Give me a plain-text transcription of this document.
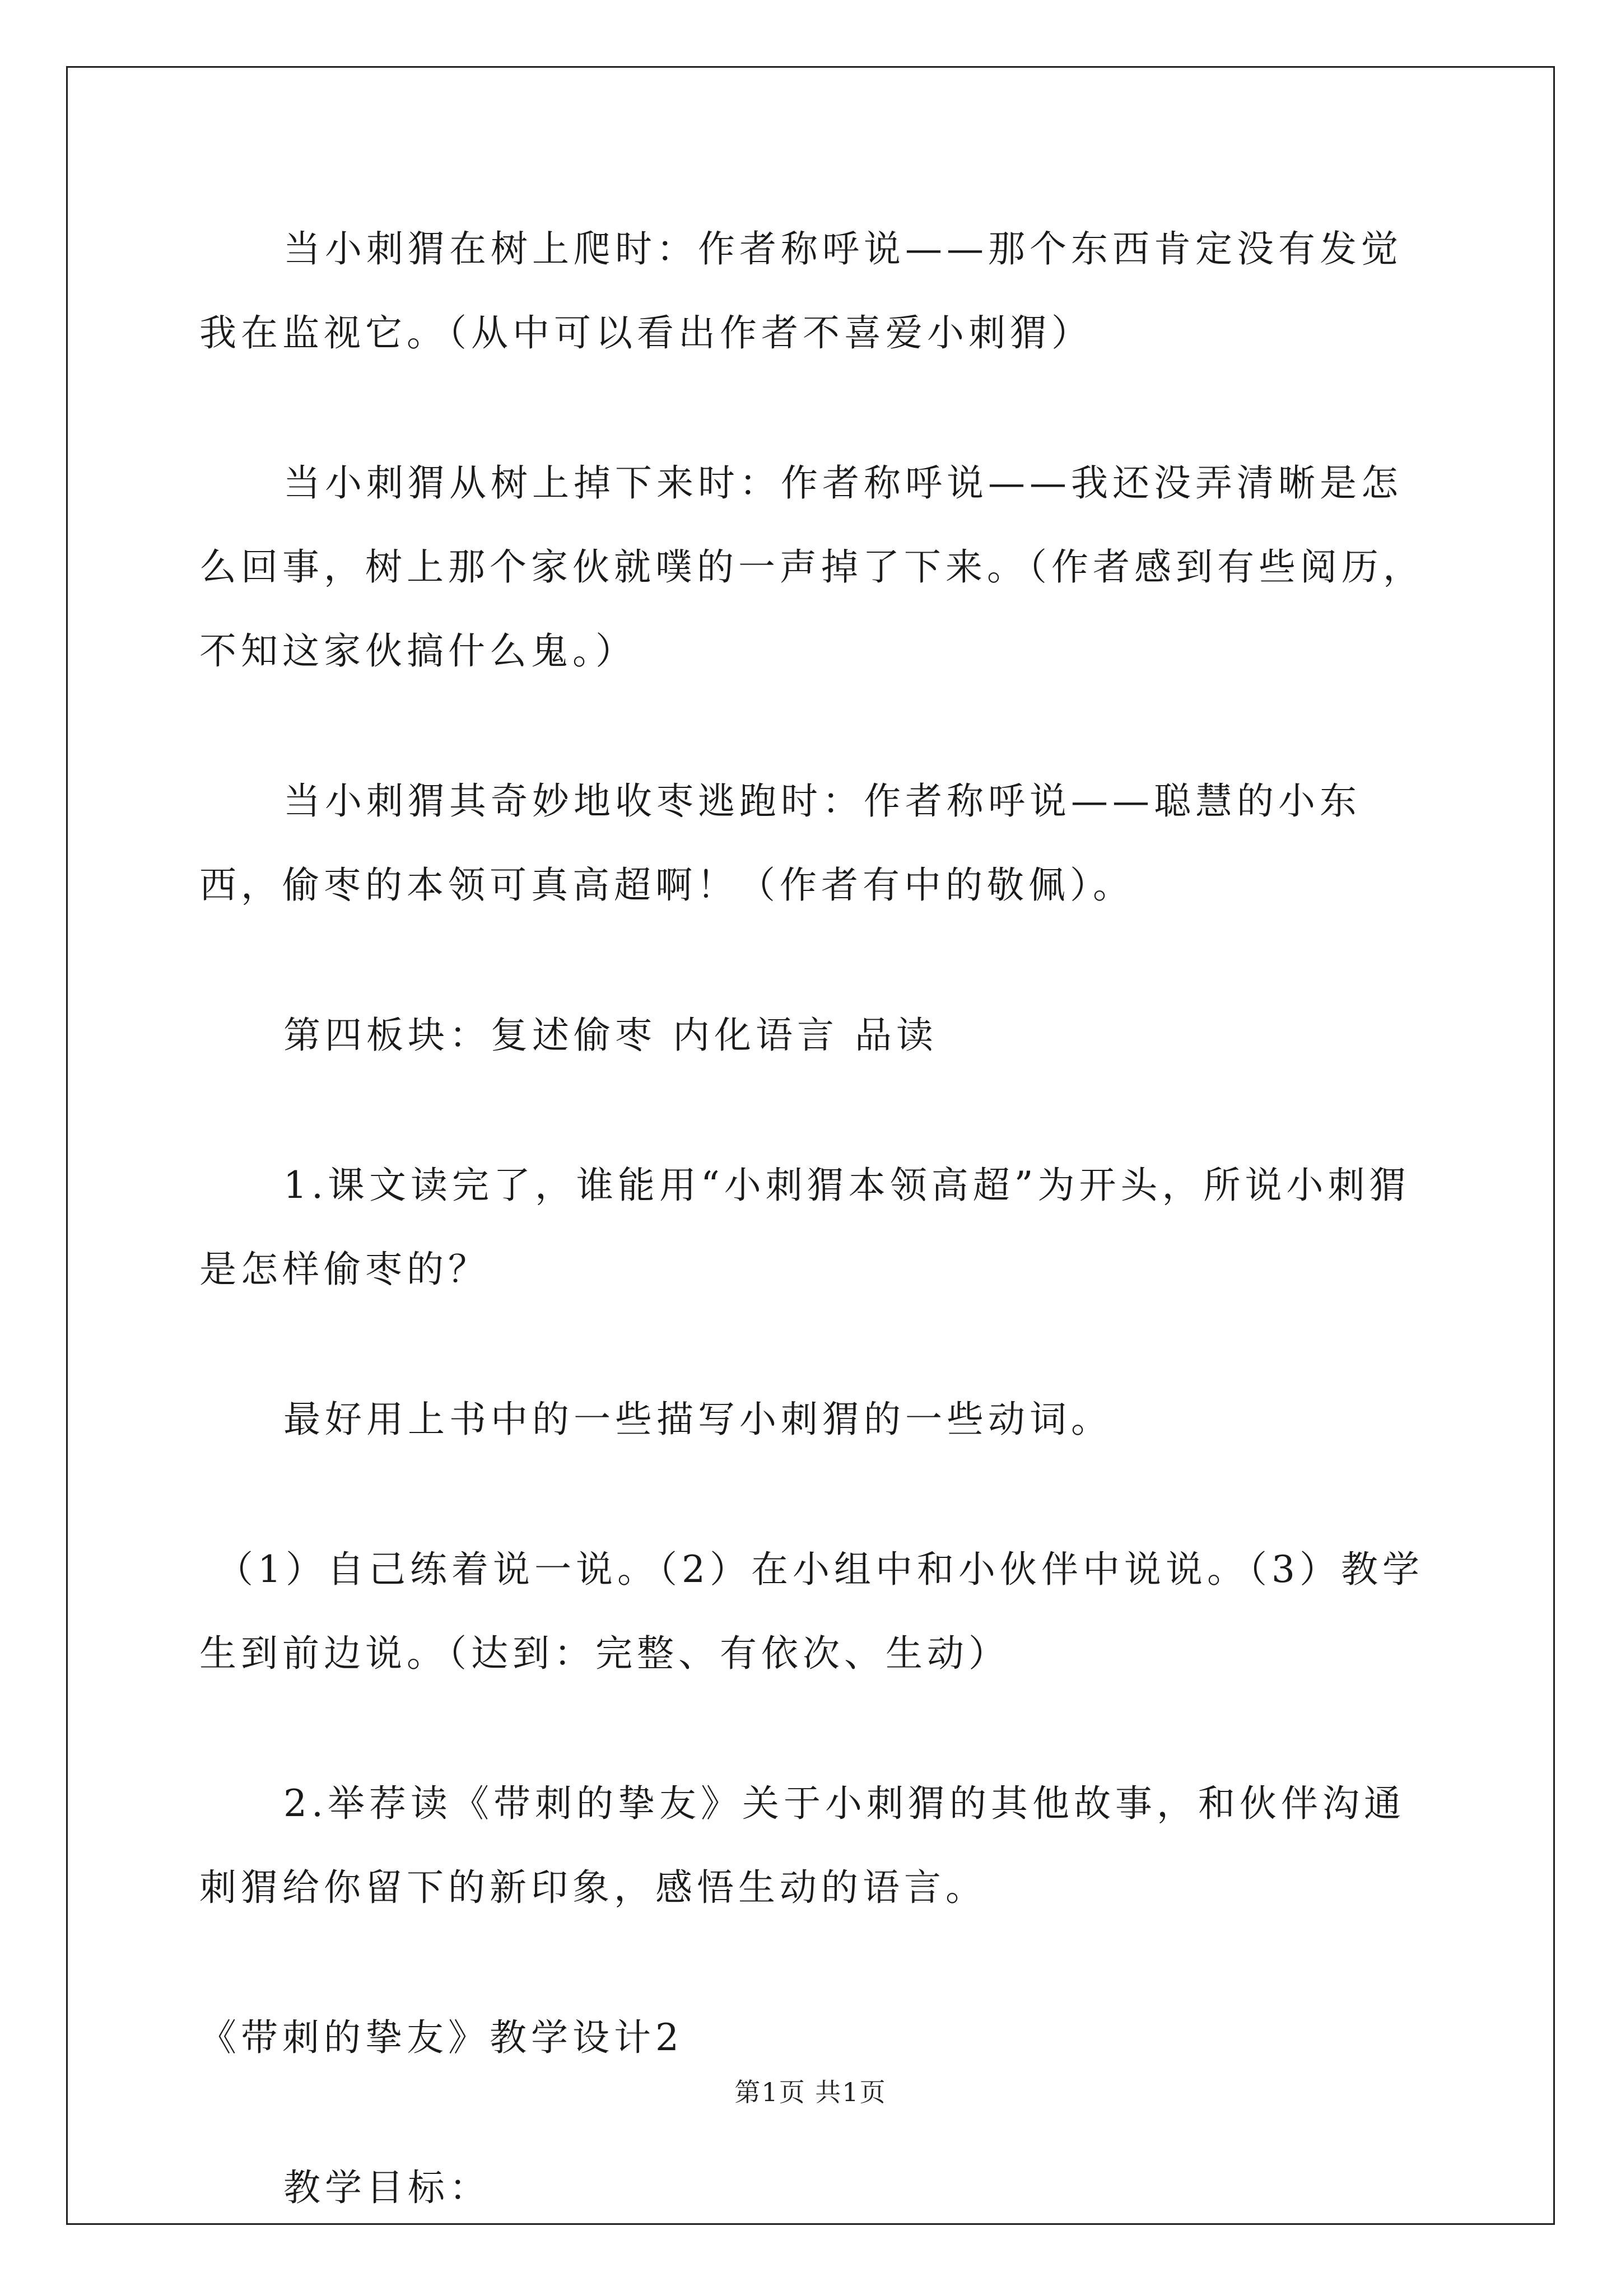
当小刺猬在树上爬时：作者称呼说——那个东西肯定没有发觉我在监视它。（从中可以看出作者不喜爱小刺猬）

当小刺猬从树上掉下来时：作者称呼说——我还没弄清晰是怎么回事，树上那个家伙就噗的一声掉了下来。（作者感到有些阅历，不知这家伙搞什么鬼。）

当小刺猬其奇妙地收枣逃跑时：作者称呼说——聪慧的小东西，偷枣的本领可真高超啊！（作者有中的敬佩）。

第四板块：复述偷枣 内化语言 品读

1.课文读完了，谁能用“小刺猬本领高超”为开头，所说小刺猬是怎样偷枣的？

最好用上书中的一些描写小刺猬的一些动词。

（1）自己练着说一说。（2）在小组中和小伙伴中说说。（3）教学生到前边说。（达到：完整、有依次、生动）

2.举荐读《带刺的挚友》关于小刺猬的其他故事，和伙伴沟通刺猬给你留下的新印象，感悟生动的语言。

《带刺的挚友》教学设计2

教学目标：

第1页 共1页
